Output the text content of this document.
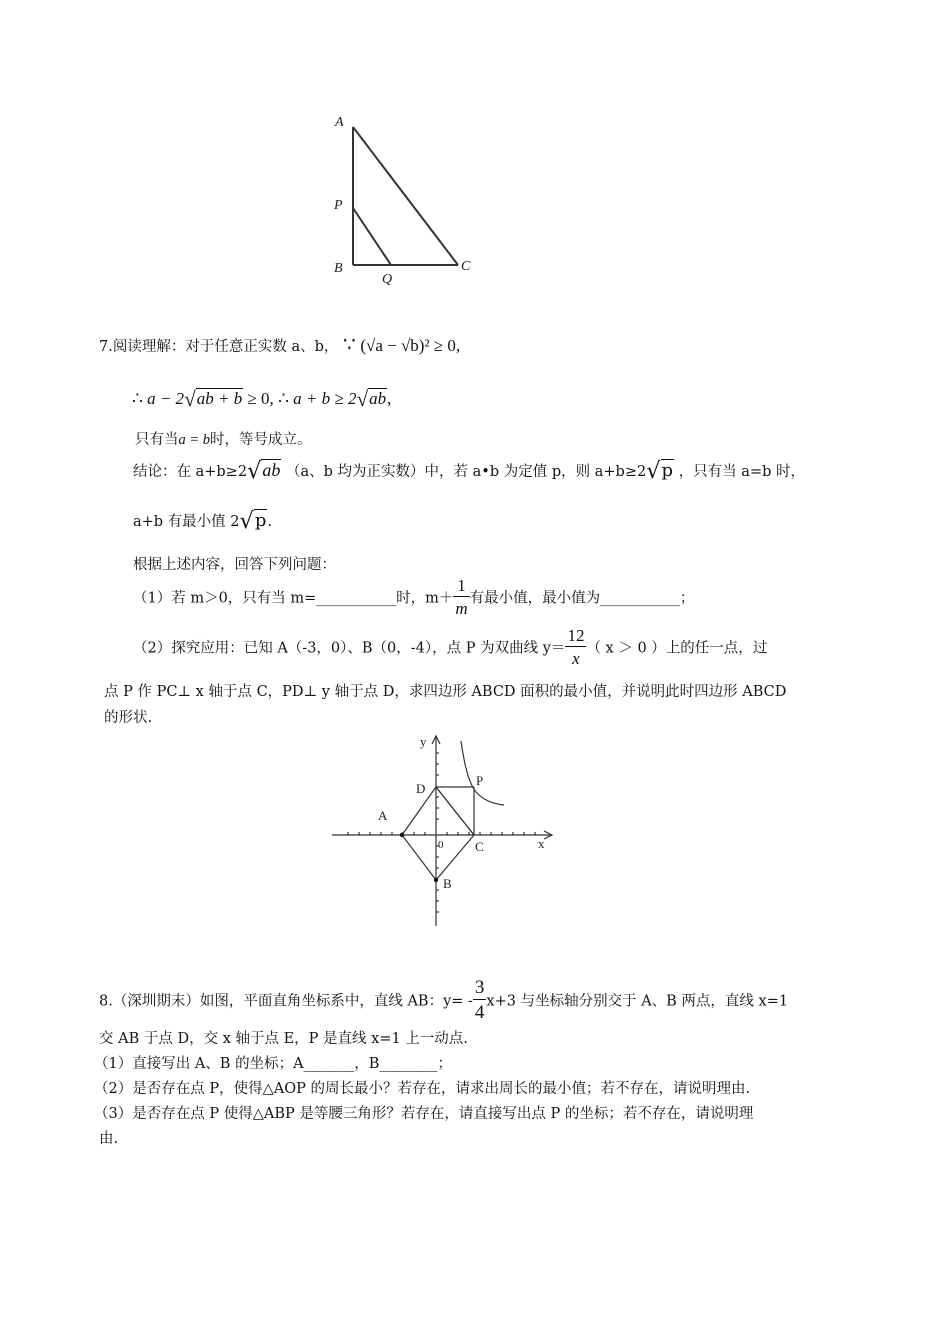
A
P
B
Q
C
7.阅读理解：对于任意正实数 a、b， ∵ (√a − √b)² ≥ 0,
∴ a − 2√ab + b ≥ 0, ∴ a + b ≥ 2√ab,
只有当a = b时，等号成立。
结论：在 a+b≥2√ab （a、b 均为正实数）中，若 a•b 为定值 p，则 a+b≥2√p ，只有当 a=b 时，
a+b 有最小值 2√p.
根据上述内容，回答下列问题：
（1）若 m＞0，只有当 m=___________时，$m+ \frac{1}{m}$ 有最小值，最小值为___________；
（2）探究应用：已知 A（-3，0）、B（0，-4），点 P 为双曲线 $y= \frac{12}{x}$ （ x ＞ 0 ）上的任一点，过
点 P 作 PC⊥ x 轴于点 C，PD⊥ y 轴于点 D，求四边形 ABCD 面积的最小值，并说明此时四边形 ABCD
的形状.
y
x
D
P
A
0 C
B
8.（深圳期末）如图，平面直角坐标系中，直线 AB：$y= - \frac{3}{4} x+3$ 与坐标轴分别交于 A、B 两点，直线 x=1
交 AB 于点 D，交 x 轴于点 E，P 是直线 x=1 上一动点.
（1）直接写出 A、B 的坐标；A_______，B________；
（2）是否存在点 P，使得△AOP 的周长最小？若存在，请求出周长的最小值；若不存在，请说明理由.
（3）是否存在点 P 使得△ABP 是等腰三角形？若存在，请直接写出点 P 的坐标；若不存在，请说明理
由.
